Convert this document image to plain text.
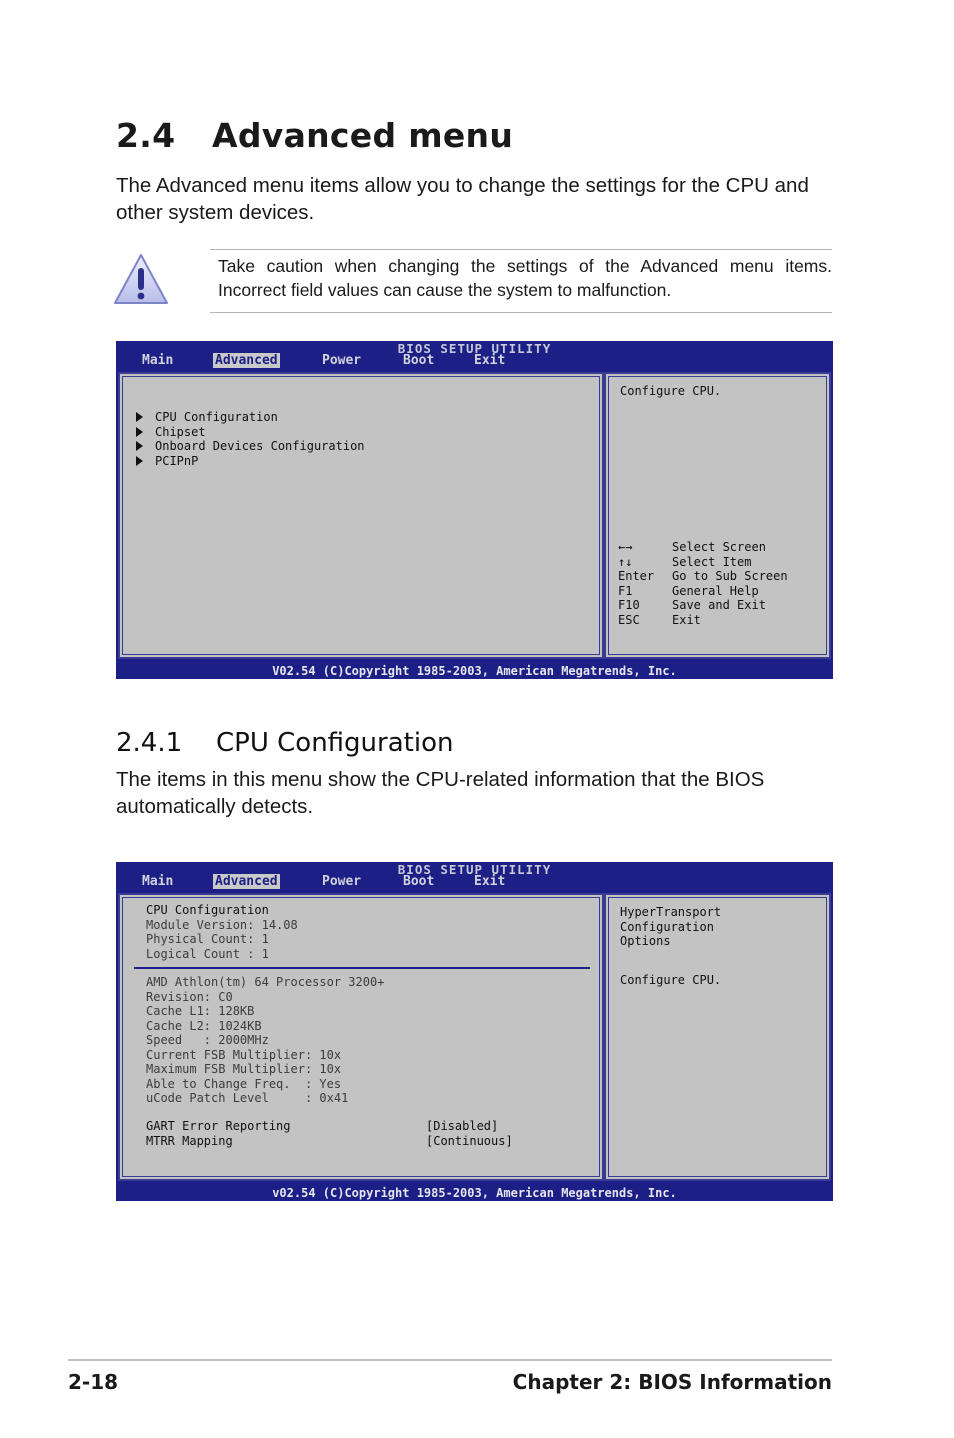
2.4 Advanced menu
The Advanced menu items allow you to change the settings for the CPU and other system devices.
Take caution when changing the settings of the Advanced menu items. Incorrect field values can cause the system to malfunction.
BIOS SETUP UTILITY
Main	Advanced	Power	Boot	Exit
CPU Configuration
Chipset
Onboard Devices Configuration
PCIPnP
Configure CPU.
←→	Select Screen
↑↓	Select Item
Enter	Go to Sub Screen
F1	General Help
F10	Save and Exit
ESC	Exit
V02.54 (C)Copyright 1985-2003, American Megatrends, Inc.
2.4.1 CPU Configuration
The items in this menu show the CPU-related information that the BIOS automatically detects.
BIOS SETUP UTILITY
Main	Advanced	Power	Boot	Exit
CPU Configuration
Module Version: 14.08
Physical Count: 1
Logical Count : 1
AMD Athlon(tm) 64 Processor 3200+
Revision: C0
Cache L1: 128KB
Cache L2: 1024KB
Speed   : 2000MHz
Current FSB Multiplier: 10x
Maximum FSB Multiplier: 10x
Able to Change Freq.  : Yes
uCode Patch Level     : 0x41
GART Error Reporting	[Disabled]
MTRR Mapping	[Continuous]
HyperTransport
Configuration
Options
Configure CPU.
v02.54 (C)Copyright 1985-2003, American Megatrends, Inc.
2-18	Chapter 2: BIOS Information
